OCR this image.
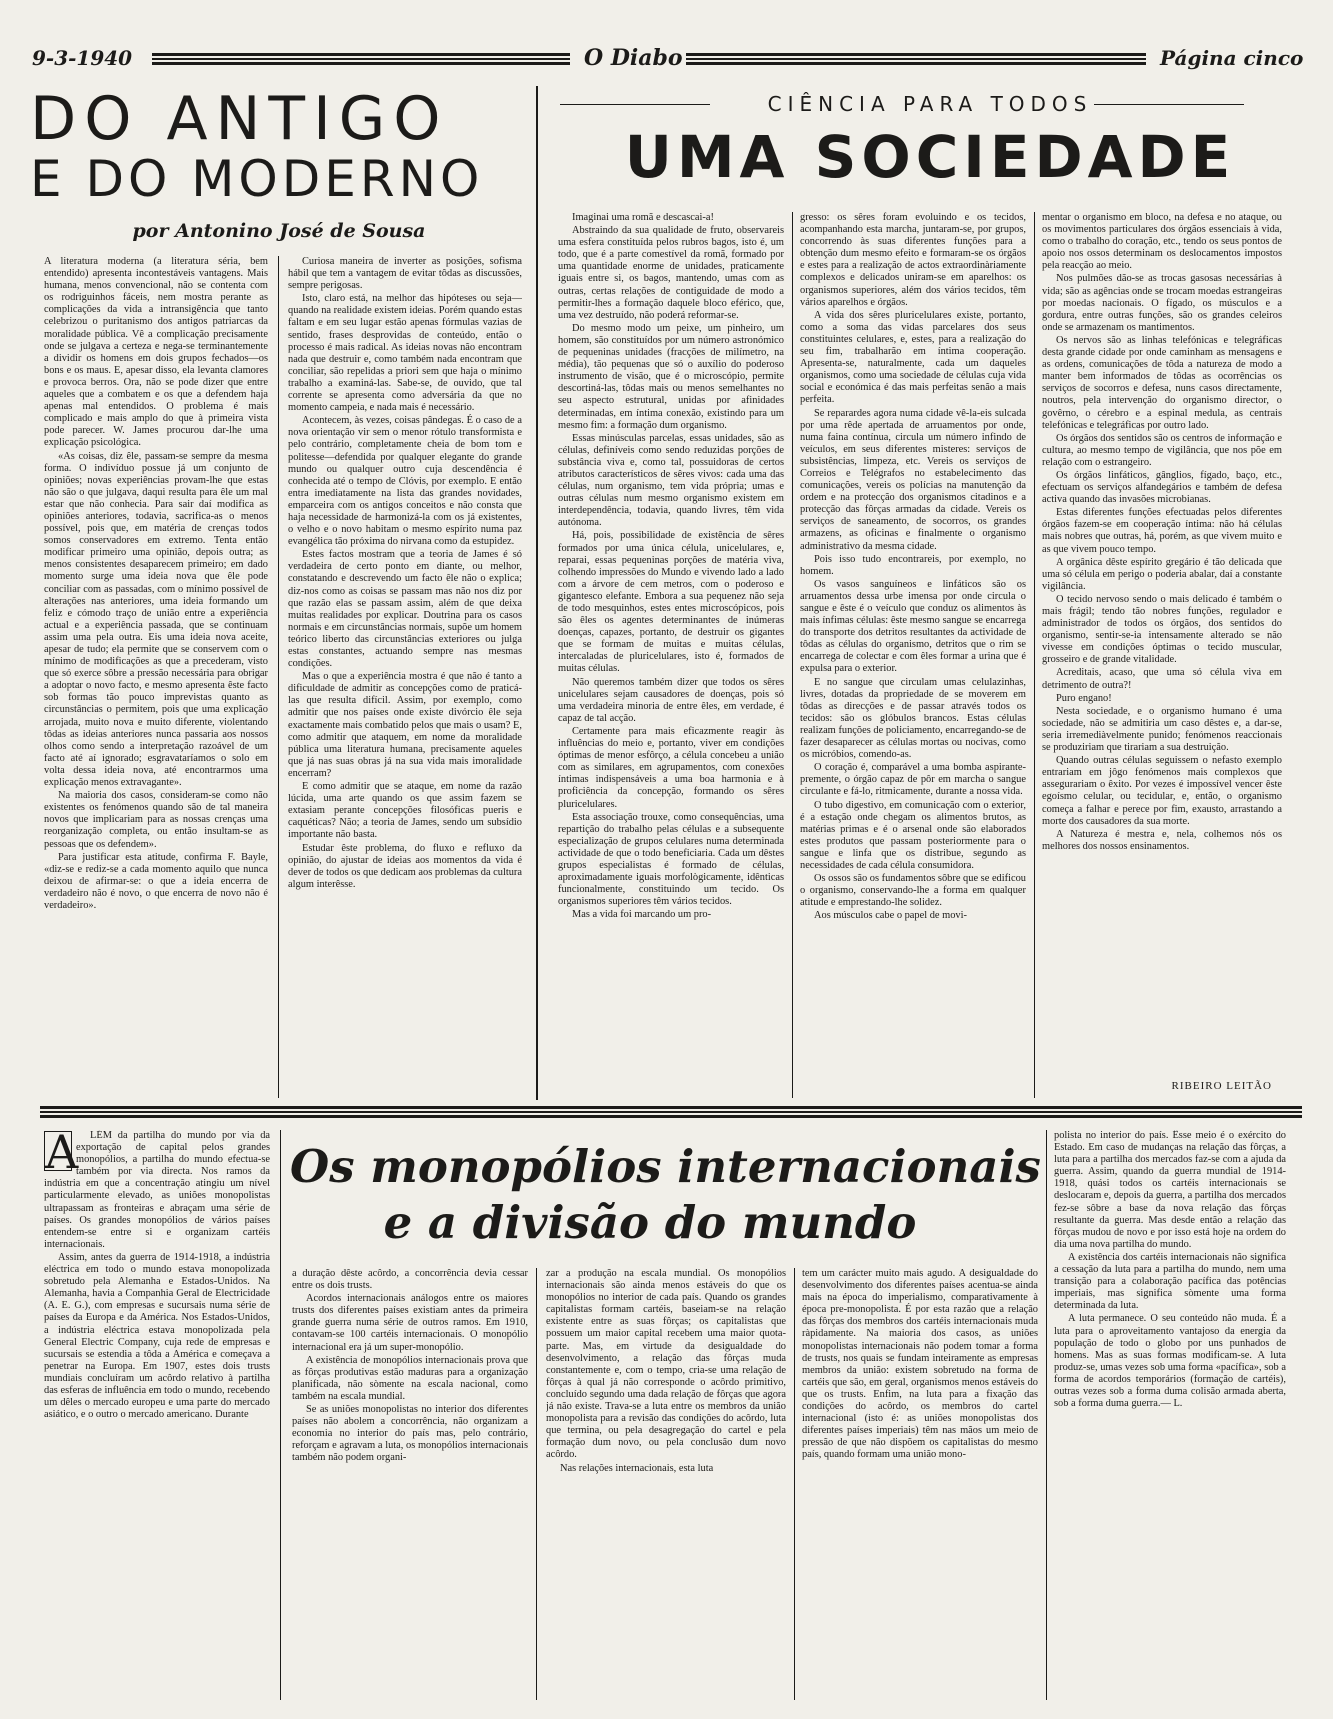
9-3-1940	O Diabo	Página cinco
DO ANTIGO
E DO MODERNO
por Antonino José de Sousa

A literatura moderna (a literatura séria, bem entendido) apresenta incontestáveis vantagens. Mais humana, menos convencional, não se contenta com os rodriguinhos fáceis, nem mostra perante as complicações da vida a intransigência que tanto celebrizou o puritanismo dos antigos patriarcas da moralidade pública. Vê a complicação precisamente onde se julgava a certeza e nega-se terminantemente a dividir os homens em dois grupos fechados—os bons e os maus. E, apesar disso, ela levanta clamores e provoca berros. Ora, não se pode dizer que entre aqueles que a combatem e os que a defendem haja apenas mal entendidos. O problema é mais complicado e mais amplo do que à primeira vista pode parecer. W. James procurou dar-lhe uma explicação psicológica.

«As coisas, diz êle, passam-se sempre da mesma forma. O indivíduo possue já um conjunto de opiniões; novas experiências provam-lhe que estas não são o que julgava, daqui resulta para êle um mal estar que não conhecia. Para sair daí modifica as opiniões anteriores, todavia, sacrifica-as o menos possível, pois que, em matéria de crenças todos somos conservadores em extremo. Tenta então modificar primeiro uma opinião, depois outra; as menos consistentes desaparecem primeiro; em dado momento surge uma ideia nova que êle pode conciliar com as passadas, com o mínimo possível de alterações nas anteriores, uma ideia formando um feliz e cómodo traço de união entre a experiência actual e a experiência passada, que se continuam assim uma pela outra. Eis uma ideia nova aceite, apesar de tudo; ela permite que se conservem com o mínimo de modificações as que a precederam, visto que só exerce sôbre a pressão necessária para obrigar a adoptar o novo facto, e mesmo apresenta êste facto sob formas tão pouco imprevistas quanto as circunstâncias o permitem, pois que uma explicação arrojada, muito nova e muito diferente, violentando tôdas as ideias anteriores nunca passaria aos nossos olhos como sendo a interpretação razoável de um facto até aí ignorado; esgravataríamos o solo em volta dessa ideia nova, até encontrarmos uma explicação menos extravagante».

Na maioria dos casos, consideram-se como não existentes os fenómenos quando são de tal maneira novos que implicariam para as nossas crenças uma reorganização completa, ou então insultam-se as pessoas que os defendem».

Para justificar esta atitude, confirma F. Bayle, «diz-se e rediz-se a cada momento aquilo que nunca deixou de afirmar-se: o que a ideia encerra de verdadeiro não é novo, o que encerra de novo não é verdadeiro».

Curiosa maneira de inverter as posições, sofisma hábil que tem a vantagem de evitar tôdas as discussões, sempre perigosas.

Isto, claro está, na melhor das hipóteses ou seja—quando na realidade existem ideias. Porém quando estas faltam e em seu lugar estão apenas fórmulas vazias de sentido, frases desprovidas de conteúdo, então o processo é mais radical. As ideias novas não encontram nada que destruir e, como também nada encontram que conciliar, são repelidas a priori sem que haja o mínimo trabalho a examiná-las. Sabe-se, de ouvido, que tal corrente se apresenta como adversária da que no momento campeia, e nada mais é necessário.

Acontecem, às vezes, coisas pândegas. É o caso de a nova orientação vir sem o menor rótulo transformista e pelo contrário, completamente cheia de bom tom e politesse—defendida por qualquer elegante do grande mundo ou qualquer outro cuja descendência é conhecida até o tempo de Clóvis, por exemplo. E então entra imediatamente na lista das grandes novidades, emparceira com os antigos conceitos e não consta que haja necessidade de harmonizá-la com os já existentes, o velho e o novo habitam o mesmo espírito numa paz evangélica tão próxima do nirvana como da estupidez.

Estes factos mostram que a teoria de James é só verdadeira de certo ponto em diante, ou melhor, constatando e descrevendo um facto êle não o explica; diz-nos como as coisas se passam mas não nos diz por que razão elas se passam assim, além de que deixa muitas realidades por explicar. Doutrina para os casos normais e em circunstâncias normais, supõe um homem teórico liberto das circunstâncias exteriores ou julga estas constantes, actuando sempre nas mesmas condições.

Mas o que a experiência mostra é que não é tanto a dificuldade de admitir as concepções como de praticá-las que resulta difícil. Assim, por exemplo, como admitir que nos países onde existe divórcio êle seja exactamente mais combatido pelos que mais o usam? E, como admitir que ataquem, em nome da moralidade pública uma literatura humana, precisamente aqueles que já nas suas obras já na sua vida mais imoralidade encerram?

E como admitir que se ataque, em nome da razão lúcida, uma arte quando os que assim fazem se extasiam perante concepções filosóficas pueris e caquéticas? Não; a teoria de James, sendo um subsídio importante não basta.

Estudar êste problema, do fluxo e refluxo da opinião, do ajustar de ideias aos momentos da vida é dever de todos os que dedicam aos problemas da cultura algum interêsse.

CIÊNCIA PARA TODOS
UMA SOCIEDADE

Imaginai uma romã e descascai-a!

Abstraindo da sua qualidade de fruto, observareis uma esfera constituída pelos rubros bagos, isto é, um todo, que é a parte comestível da romã, formado por uma quantidade enorme de unidades, praticamente iguais entre si, os bagos, mantendo, umas com as outras, certas relações de contiguidade de modo a permitir-lhes a formação daquele bloco eférico, que, uma vez destruído, não poderá reformar-se.

Do mesmo modo um peixe, um pinheiro, um homem, são constituídos por um número astronómico de pequeninas unidades (fracções de milímetro, na média), tão pequenas que só o auxílio do poderoso instrumento de visão, que é o microscópio, permite descortiná-las, tôdas mais ou menos semelhantes no seu aspecto estrutural, unidas por afinidades determinadas, em íntima conexão, existindo para um mesmo fim: a formação dum organismo.

Essas minúsculas parcelas, essas unidades, são as células, definíveis como sendo reduzidas porções de substância viva e, como tal, possuidoras de certos atributos característicos de sêres vivos: cada uma das células, num organismo, tem vida própria; umas e outras células num mesmo organismo existem em interdependência, todavia, quando livres, têm vida autónoma.

Há, pois, possibilidade de existência de sêres formados por uma única célula, unicelulares, e, reparai, essas pequeninas porções de matéria viva, colhendo impressões do Mundo e vivendo lado a lado com a árvore de cem metros, com o poderoso e gigantesco elefante. Embora a sua pequenez não seja de todo mesquinhos, estes entes microscópicos, pois são êles os agentes determinantes de inúmeras doenças, capazes, portanto, de destruir os gigantes que se formam de muitas e muitas células, intercaladas de pluricelulares, isto é, formados de muitas células.

Não queremos também dizer que todos os sêres unicelulares sejam causadores de doenças, pois só uma verdadeira minoria de entre êles, em verdade, é capaz de tal acção.

Certamente para mais eficazmente reagir às influências do meio e, portanto, viver em condições óptimas de menor esfôrço, a célula concebeu a união com as similares, em agrupamentos, com conexões íntimas indispensáveis a uma boa harmonia e à proficiência da concepção, formando os sêres pluricelulares.

Esta associação trouxe, como consequências, uma repartição do trabalho pelas células e a subsequente especialização de grupos celulares numa determinada actividade de que o todo beneficiaria. Cada um dêstes grupos especialistas é formado de células, aproximadamente iguais morfològicamente, idênticas funcionalmente, constituindo um tecido. Os organismos superiores têm vários tecidos.

Mas a vida foi marcando um pro-

gresso: os sêres foram evoluindo e os tecidos, acompanhando esta marcha, juntaram-se, por grupos, concorrendo às suas diferentes funções para a obtenção dum mesmo efeito e formaram-se os órgãos e estes para a realização de actos extraordinàriamente complexos e delicados uniram-se em aparelhos: os organismos superiores, além dos vários tecidos, têm vários aparelhos e órgãos.

A vida dos sêres pluricelulares existe, portanto, como a soma das vidas parcelares dos seus constituintes celulares, e, estes, para a realização do seu fim, trabalharão em íntima cooperação. Apresenta-se, naturalmente, cada um daqueles organismos, como uma sociedade de células cuja vida social e económica é das mais perfeitas senão a mais perfeita.

Se reparardes agora numa cidade vê-la-eis sulcada por uma rêde apertada de arruamentos por onde, numa faina contínua, circula um número infindo de veículos, em seus diferentes misteres: serviços de subsistências, limpeza, etc. Vereis os serviços de Correios e Telégrafos no estabelecimento das comunicações, vereis os polícias na manutenção da ordem e na protecção dos organismos citadinos e a protecção das fôrças armadas da cidade. Vereis os serviços de saneamento, de socorros, os grandes armazens, as oficinas e finalmente o organismo administrativo da mesma cidade.

Pois isso tudo encontrareis, por exemplo, no homem.

Os vasos sanguíneos e linfáticos são os arruamentos dessa urbe imensa por onde circula o sangue e êste é o veículo que conduz os alimentos às mais ínfimas células: êste mesmo sangue se encarrega do transporte dos detritos resultantes da actividade de tôdas as células do organismo, detritos que o rim se encarrega de colectar e com êles formar a urina que é expulsa para o exterior.

E no sangue que circulam umas celulazinhas, livres, dotadas da propriedade de se moverem em tôdas as direcções e de passar através todos os tecidos: são os glóbulos brancos. Estas células realizam funções de policiamento, encarregando-se de fazer desaparecer as células mortas ou nocivas, como os micróbios, comendo-as.

O coração é, comparável a uma bomba aspirante-premente, o órgão capaz de pôr em marcha o sangue circulante e fá-lo, ritmicamente, durante a nossa vida.

O tubo digestivo, em comunicação com o exterior, é a estação onde chegam os alimentos brutos, as matérias primas e é o arsenal onde são elaborados estes produtos que passam posteriormente para o sangue e linfa que os distribue, segundo as necessidades de cada célula consumidora.

Os ossos são os fundamentos sôbre que se edificou o organismo, conservando-lhe a forma em qualquer atitude e emprestando-lhe solidez.

Aos músculos cabe o papel de movi-

mentar o organismo em bloco, na defesa e no ataque, ou os movimentos particulares dos órgãos essenciais à vida, como o trabalho do coração, etc., tendo os seus pontos de apoio nos ossos determinam os deslocamentos impostos pela reacção ao meio.

Nos pulmões dão-se as trocas gasosas necessárias à vida; são as agências onde se trocam moedas estrangeiras por moedas nacionais. O fígado, os músculos e a gordura, entre outras funções, são os grandes celeiros onde se armazenam os mantimentos.

Os nervos são as linhas telefónicas e telegráficas desta grande cidade por onde caminham as mensagens e as ordens, comunicações de tôda a natureza de modo a manter bem informados de tôdas as ocorrências os serviços de socorros e defesa, nuns casos directamente, noutros, pela intervenção do organismo director, o govêrno, o cérebro e a espinal medula, as centrais telefónicas e telegráficas por outro lado.

Os órgãos dos sentidos são os centros de informação e cultura, ao mesmo tempo de vigilância, que nos põe em relação com o estrangeiro.

Os órgãos linfáticos, gânglios, fígado, baço, etc., efectuam os serviços alfandegários e também de defesa activa quando das invasões microbianas.

Estas diferentes funções efectuadas pelos diferentes órgãos fazem-se em cooperação íntima: não há células mais nobres que outras, há, porém, as que vivem muito e as que vivem pouco tempo.

A orgânica dêste espírito gregário é tão delicada que uma só célula em perigo o poderia abalar, daí a constante vigilância.

O tecido nervoso sendo o mais delicado é também o mais frágil; tendo tão nobres funções, regulador e administrador de todos os órgãos, dos sentidos do organismo, sentir-se-ia intensamente alterado se não vivesse em condições óptimas o tecido muscular, grosseiro e de grande vitalidade.

Acreditais, acaso, que uma só célula viva em detrimento de outra?!

Puro engano!

Nesta sociedade, e o organismo humano é uma sociedade, não se admitiria um caso dêstes e, a dar-se, seria irremediàvelmente punido; fenómenos reaccionais se produziriam que tirariam a sua destruição.

Quando outras células seguissem o nefasto exemplo entrariam em jôgo fenómenos mais complexos que assegurariam o êxito. Por vezes é impossível vencer êste egoísmo celular, ou tecidular, e, então, o organismo começa a falhar e perece por fim, exausto, arrastando a morte dos causadores da sua morte.

A Natureza é mestra e, nela, colhemos nós os melhores dos nossos ensinamentos.

RIBEIRO LEITÃO
Os monopólios internacionais
e a divisão do mundo
A	LÉM da partilha do mundo por via da exportação de capital pelos grandes monopólios, a partilha do mundo efectua-se também por via directa. Nos ramos da indústria em que a concentração atingiu um nível particularmente elevado, as uniões monopolistas ultrapassam as fronteiras e abraçam uma série de países. Os grandes monopólios de vários países entendem-se entre si e organizam cartéis internacionais.

Assim, antes da guerra de 1914-1918, a indústria eléctrica em todo o mundo estava monopolizada sobretudo pela Alemanha e Estados-Unidos. Na Alemanha, havia a Companhia Geral de Electricidade (A. E. G.), com empresas e sucursais numa série de países da Europa e da América. Nos Estados-Unidos, a indústria eléctrica estava monopolizada pela General Electric Company, cuja rede de empresas e sucursais se estendia a tôda a América e começava a penetrar na Europa. Em 1907, estes dois trusts mundiais concluíram um acôrdo relativo à partilha das esferas de influência em todo o mundo, recebendo um dêles o mercado europeu e uma parte do mercado asiático, e o outro o mercado americano. Durante

a duração dêste acôrdo, a concorrência devia cessar entre os dois trusts.

Acordos internacionais análogos entre os maiores trusts dos diferentes países existiam antes da primeira grande guerra numa série de outros ramos. Em 1910, contavam-se 100 cartéis internacionais. O monopólio internacional era já um super-monopólio.

A existência de monopólios internacionais prova que as fôrças produtivas estão maduras para a organização planificada, não sòmente na escala nacional, como também na escala mundial.

Se as uniões monopolistas no interior dos diferentes países não abolem a concorrência, não organizam a economia no interior do país mas, pelo contrário, reforçam e agravam a luta, os monopólios internacionais também não podem organi-

zar a produção na escala mundial. Os monopólios internacionais são ainda menos estáveis do que os monopólios no interior de cada país. Quando os grandes capitalistas formam cartéis, baseiam-se na relação existente entre as suas fôrças; os capitalistas que possuem um maior capital recebem uma maior quota-parte. Mas, em virtude da desigualdade do desenvolvimento, a relação das fôrças muda constantemente e, com o tempo, cria-se uma relação de fôrças à qual já não corresponde o acôrdo primitivo, concluído segundo uma dada relação de fôrças que agora já não existe. Trava-se a luta entre os membros da união monopolista para a revisão das condições do acôrdo, luta que termina, ou pela desagregação do cartel e pela formação dum novo, ou pela conclusão dum novo acôrdo.

Nas relações internacionais, esta luta

tem um carácter muito mais agudo. A desigualdade do desenvolvimento dos diferentes países acentua-se ainda mais na época do imperialismo, comparativamente à época pre-monopolista. É por esta razão que a relação das fôrças dos membros dos cartéis internacionais muda ràpidamente. Na maioria dos casos, as uniões monopolistas internacionais não podem tomar a forma de trusts, nos quais se fundam inteiramente as empresas membros da união: existem sobretudo na forma de cartéis que são, em geral, organismos menos estáveis do que os trusts. Enfim, na luta para a fixação das condições do acôrdo, os membros do cartel internacional (isto é: as uniões monopolistas dos diferentes países imperiais) têm nas mãos um meio de pressão de que não dispõem os capitalistas do mesmo país, quando formam uma união mono-

polista no interior do país. Êsse meio é o exército do Estado. Em caso de mudanças na relação das fôrças, a luta para a partilha dos mercados faz-se com a ajuda da guerra. Assim, quando da guerra mundial de 1914-1918, quási todos os cartéis internacionais se deslocaram e, depois da guerra, a partilha dos mercados fez-se sôbre a base da nova relação das fôrças resultante da guerra. Mas desde então a relação das fôrças mudou de novo e por isso está hoje na ordem do dia uma nova partilha do mundo.

A existência dos cartéis internacionais não significa a cessação da luta para a partilha do mundo, nem uma transição para a colaboração pacífica das potências imperiais, mas significa sòmente uma forma determinada da luta.

A luta permanece. O seu conteúdo não muda. É a luta para o aproveitamento vantajoso da energia da população de todo o globo por uns punhados de homens. Mas as suas formas modificam-se. A luta produz-se, umas vezes sob uma forma «pacífica», sob a forma de acordos temporários (formação de cartéis), outras vezes sob a forma duma colisão armada aberta, sob a forma duma guerra.— L.
